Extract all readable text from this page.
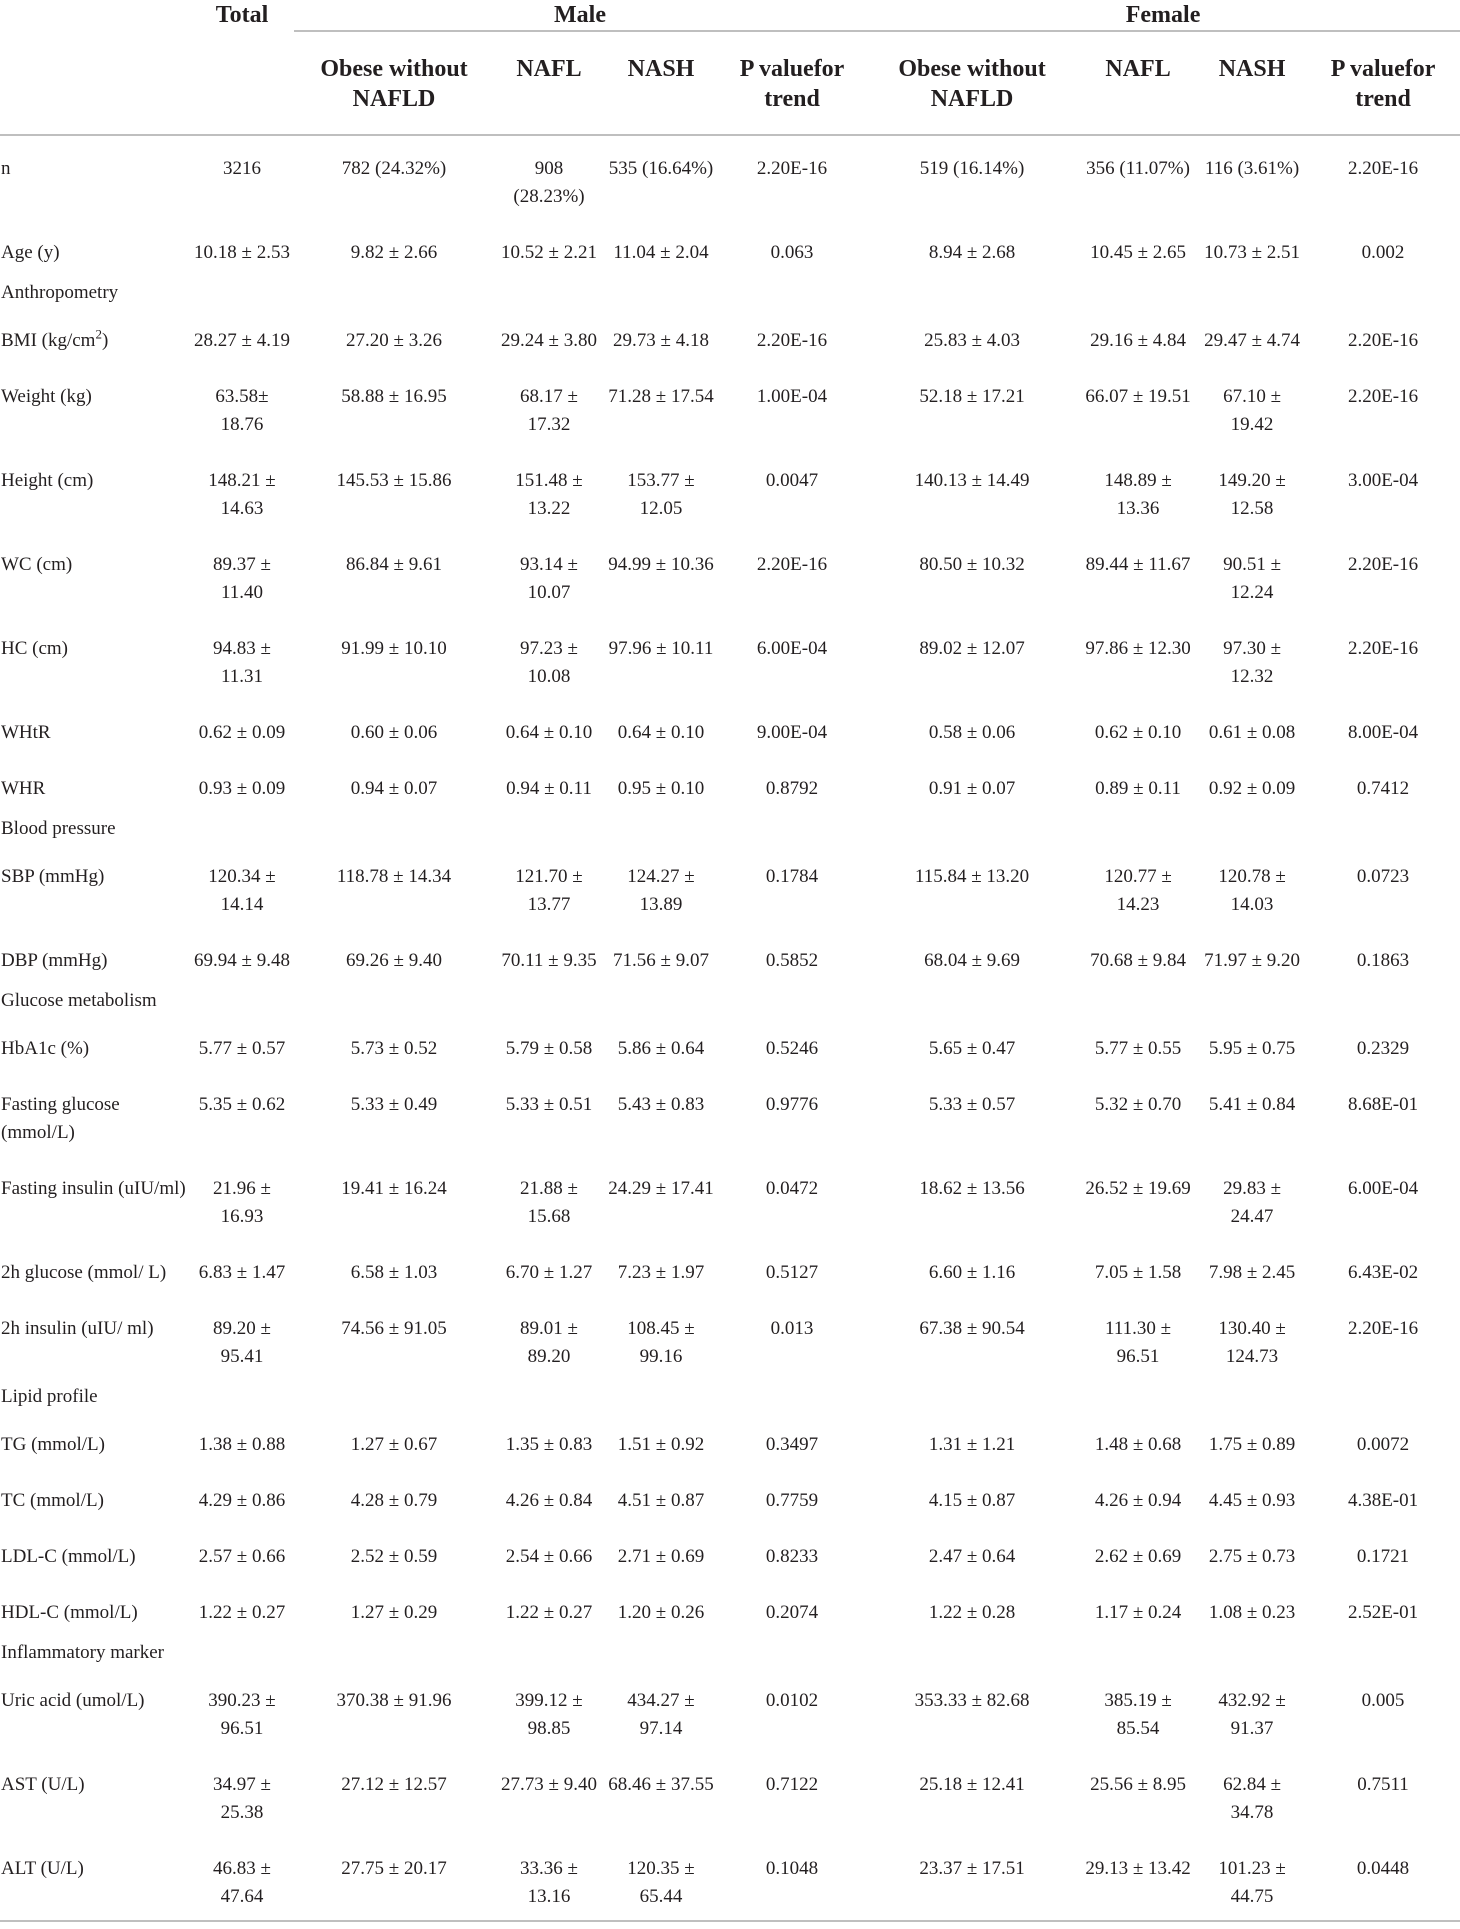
	Total	Male				Female			
		Obese without NAFLD	NAFL	NASH	P valuefor trend	Obese without NAFLD	NAFL	NASH	P valuefor trend
n	3216	782 (24.32%)	908 (28.23%)	535 (16.64%)	2.20E-16	519 (16.14%)	356 (11.07%)	116 (3.61%)	2.20E-16
Age (y)	10.18 ± 2.53	9.82 ± 2.66	10.52 ± 2.21	11.04 ± 2.04	0.063	8.94 ± 2.68	10.45 ± 2.65	10.73 ± 2.51	0.002
Anthropometry									
BMI $(kg/cm^2)$	28.27 ± 4.19	27.20 ± 3.26	29.24 ± 3.80	29.73 ± 4.18	2.20E-16	25.83 ± 4.03	29.16 ± 4.84	29.47 ± 4.74	2.20E-16
Weight (kg)	63.58± 18.76	58.88 ± 16.95	68.17 ± 17.32	71.28 ± 17.54	1.00E-04	52.18 ± 17.21	66.07 ± 19.51	67.10 ± 19.42	2.20E-16
Height (cm)	148.21 ± 14.63	145.53 ± 15.86	151.48 ± 13.22	153.77 ± 12.05	0.0047	140.13 ± 14.49	148.89 ± 13.36	149.20 ± 12.58	3.00E-04
WC (cm)	89.37 ± 11.40	86.84 ± 9.61	93.14 ± 10.07	94.99 ± 10.36	2.20E-16	80.50 ± 10.32	89.44 ± 11.67	90.51 ± 12.24	2.20E-16
HC (cm)	94.83 ± 11.31	91.99 ± 10.10	97.23 ± 10.08	97.96 ± 10.11	6.00E-04	89.02 ± 12.07	97.86 ± 12.30	97.30 ± 12.32	2.20E-16
WHtR	0.62 ± 0.09	0.60 ± 0.06	0.64 ± 0.10	0.64 ± 0.10	9.00E-04	0.58 ± 0.06	0.62 ± 0.10	0.61 ± 0.08	8.00E-04
WHR	0.93 ± 0.09	0.94 ± 0.07	0.94 ± 0.11	0.95 ± 0.10	0.8792	0.91 ± 0.07	0.89 ± 0.11	0.92 ± 0.09	0.7412
Blood pressure									
SBP (mmHg)	120.34 ± 14.14	118.78 ± 14.34	121.70 ± 13.77	124.27 ± 13.89	0.1784	115.84 ± 13.20	120.77 ± 14.23	120.78 ± 14.03	0.0723
DBP (mmHg)	69.94 ± 9.48	69.26 ± 9.40	70.11 ± 9.35	71.56 ± 9.07	0.5852	68.04 ± 9.69	70.68 ± 9.84	71.97 ± 9.20	0.1863
Glucose metabolism									
HbA1c (%)	5.77 ± 0.57	5.73 ± 0.52	5.79 ± 0.58	5.86 ± 0.64	0.5246	5.65 ± 0.47	5.77 ± 0.55	5.95 ± 0.75	0.2329
Fasting glucose (mmol/L)	5.35 ± 0.62	5.33 ± 0.49	5.33 ± 0.51	5.43 ± 0.83	0.9776	5.33 ± 0.57	5.32 ± 0.70	5.41 ± 0.84	8.68E-01
Fasting insulin (uIU/ml)	21.96 ± 16.93	19.41 ± 16.24	21.88 ± 15.68	24.29 ± 17.41	0.0472	18.62 ± 13.56	26.52 ± 19.69	29.83 ± 24.47	6.00E-04
2h glucose (mmol/ L)	6.83 ± 1.47	6.58 ± 1.03	6.70 ± 1.27	7.23 ± 1.97	0.5127	6.60 ± 1.16	7.05 ± 1.58	7.98 ± 2.45	6.43E-02
2h insulin (uIU/ ml)	89.20 ± 95.41	74.56 ± 91.05	89.01 ± 89.20	108.45 ± 99.16	0.013	67.38 ± 90.54	111.30 ± 96.51	130.40 ± 124.73	2.20E-16
Lipid profile									
TG (mmol/L)	1.38 ± 0.88	1.27 ± 0.67	1.35 ± 0.83	1.51 ± 0.92	0.3497	1.31 ± 1.21	1.48 ± 0.68	1.75 ± 0.89	0.0072
TC (mmol/L)	4.29 ± 0.86	4.28 ± 0.79	4.26 ± 0.84	4.51 ± 0.87	0.7759	4.15 ± 0.87	4.26 ± 0.94	4.45 ± 0.93	4.38E-01
LDL-C (mmol/L)	2.57 ± 0.66	2.52 ± 0.59	2.54 ± 0.66	2.71 ± 0.69	0.8233	2.47 ± 0.64	2.62 ± 0.69	2.75 ± 0.73	0.1721
HDL-C (mmol/L)	1.22 ± 0.27	1.27 ± 0.29	1.22 ± 0.27	1.20 ± 0.26	0.2074	1.22 ± 0.28	1.17 ± 0.24	1.08 ± 0.23	2.52E-01
Inflammatory marker									
Uric acid (umol/L)	390.23 ± 96.51	370.38 ± 91.96	399.12 ± 98.85	434.27 ± 97.14	0.0102	353.33 ± 82.68	385.19 ± 85.54	432.92 ± 91.37	0.005
AST (U/L)	34.97 ± 25.38	27.12 ± 12.57	27.73 ± 9.40	68.46 ± 37.55	0.7122	25.18 ± 12.41	25.56 ± 8.95	62.84 ± 34.78	0.7511
ALT (U/L)	46.83 ± 47.64	27.75 ± 20.17	33.36 ± 13.16	120.35 ± 65.44	0.1048	23.37 ± 17.51	29.13 ± 13.42	101.23 ± 44.75	0.0448
